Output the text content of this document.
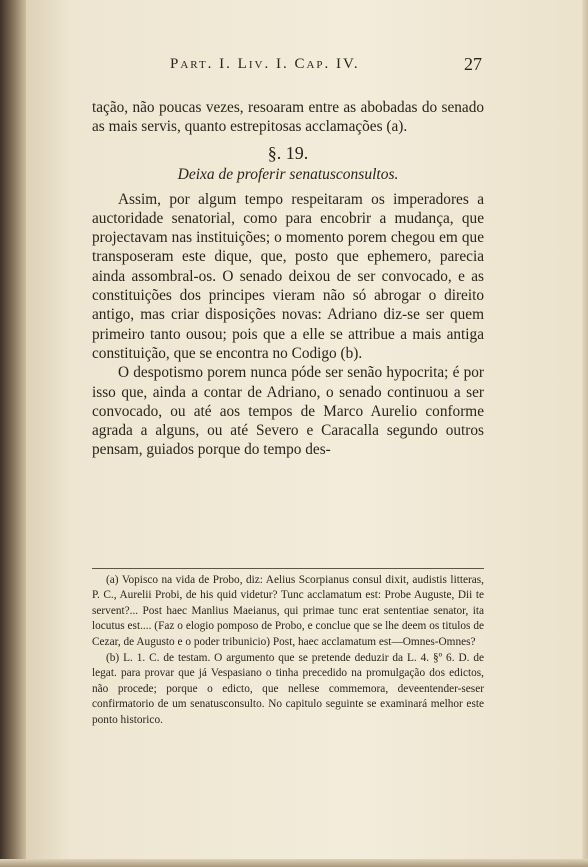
Part. I. Liv. I. Cap. IV.	27

tação, não poucas vezes, resoaram entre as abobadas do senado as mais servis, quanto estrepitosas acclamações (a).

§. 19.
Deixa de proferir senatusconsultos.

Assim, por algum tempo respeitaram os imperadores a auctoridade senatorial, como para encobrir a mudança, que projectavam nas instituições; o momento porem chegou em que transposeram este dique, que, posto que ephemero, parecia ainda assombral-os. O senado deixou de ser convocado, e as constituições dos principes vieram não só abrogar o direito antigo, mas criar disposições novas: Adriano diz-se ser quem primeiro tanto ousou; pois que a elle se attribue a mais antiga constituição, que se encontra no Codigo (b).

O despotismo porem nunca póde ser senão hypocrita; é por isso que, ainda a contar de Adriano, o senado continuou a ser convocado, ou até aos tempos de Marco Aurelio conforme agrada a alguns, ou até Severo e Caracalla segundo outros pensam, guiados porque do tempo des-

(a) Vopisco na vida de Probo, diz: Aelius Scorpianus consul dixit, audistis litteras, P. C., Aurelii Probi, de his quid videtur? Tunc acclamatum est: Probe Auguste, Dii te servent?... Post haec Manlius Maeianus, qui primae tunc erat sententiae senator, ita locutus est.... (Faz o elogio pomposo de Probo, e conclue que se lhe deem os titulos de Cezar, de Augusto e o poder tribunicio) Post, haec acclamatum est—Omnes-Omnes?

(b) L. 1. C. de testam. O argumento que se pretende deduzir da L. 4. §º 6. D. de legat. para provar que já Vespasiano o tinha precedido na promulgação dos edictos, não procede; porque o edicto, que nellese commemora, deveentender-seser confirmatorio de um senatusconsulto. No capitulo seguinte se examinará melhor este ponto historico.
